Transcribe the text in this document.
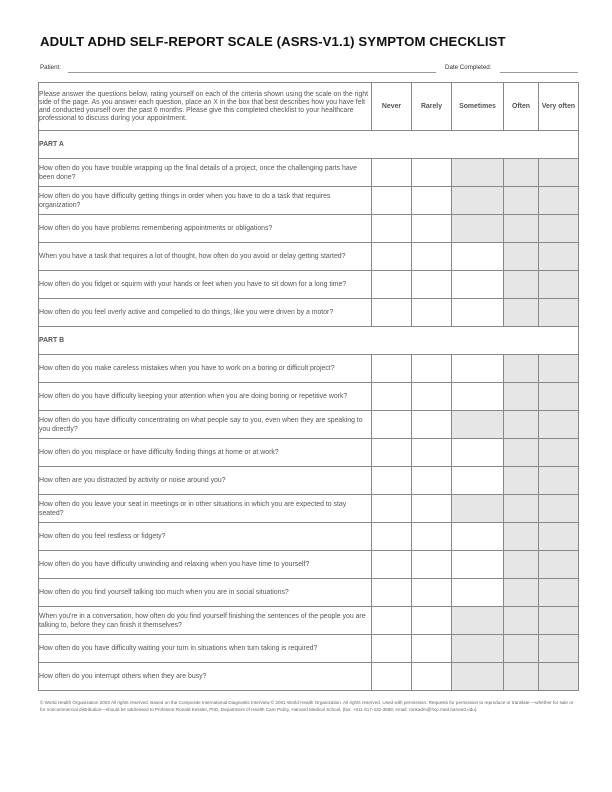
ADULT ADHD SELF-REPORT SCALE (ASRS-V1.1) SYMPTOM CHECKLIST
Patient:	Date Completed:
Please answer the questions below, rating yourself on each of the criteria shown using the scale on the right side of the page. As you answer each question, place an X in the box that best describes how you have felt and conducted yourself over the past 6 months. Please give this completed checklist to your healthcare professional to discuss during your appointment.	Never	Rarely	Sometimes	Often	Very often
PART A					
How often do you have trouble wrapping up the final details of a project, once the challenging parts have been done?					
How often do you have difficulty getting things in order when you have to do a task that requires organization?					
How often do you have problems remembering appointments or obligations?					
When you have a task that requires a lot of thought, how often do you avoid or delay getting started?					
How often do you fidget or squirm with your hands or feet when you have to sit down for a long time?					
How often do you feel overly active and compelled to do things, like you were driven by a motor?					
PART B					
How often do you make careless mistakes when you have to work on a boring or difficult project?					
How often do you have difficulty keeping your attention when you are doing boring or repetitive work?					
How often do you have difficulty concentrating on what people say to you, even when they are speaking to you directly?					
How often do you misplace or have difficulty finding things at home or at work?					
How often are you distracted by activity or noise around you?					
How often do you leave your seat in meetings or in other situations in which you are expected to stay seated?					
How often do you feel restless or fidgety?					
How often do you have difficulty unwinding and relaxing when you have time to yourself?					
How often do you find yourself talking too much when you are in social situations?					
When you're in a conversation, how often do you find yourself finishing the sentences of the people you are talking to, before they can finish it themselves?					
How often do you have difficulty waiting your turn in situations when turn taking is required?					
How often do you interrupt others when they are busy?					
© World Health Organization 2003 All rights reserved. Based on the Composite International Diagnostic Interview © 2001 World Health Organization. All rights reserved. Used with permission. Requests for permission to reproduce or translate —whether for sale or for noncommercial distribution—should be addressed to Professor Ronald Kessler, PhD, Department of Health Care Policy, Harvard Medical School, (fax: +011 617-432-3588; email: ronkadm@hcp.med.harvard.edu).
